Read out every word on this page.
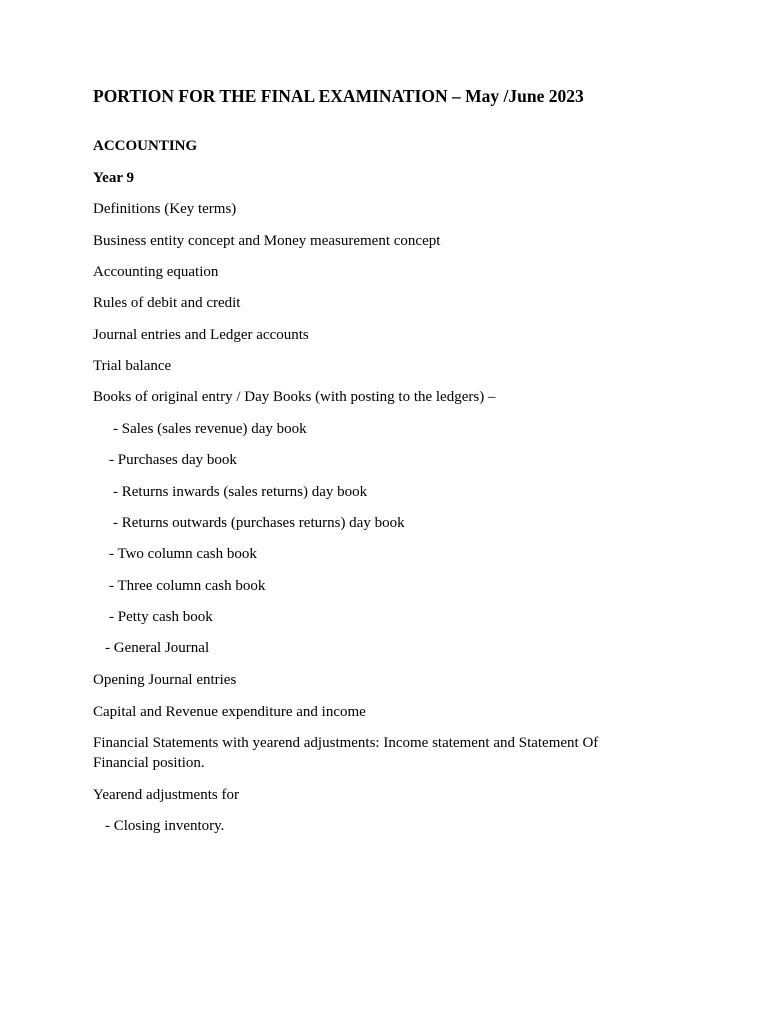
PORTION FOR THE FINAL EXAMINATION – May /June 2023
ACCOUNTING
Year 9
Definitions (Key terms)
Business entity concept and Money measurement concept
Accounting equation
Rules of debit and credit
Journal entries and Ledger accounts
Trial balance
Books of original entry / Day Books (with posting to the ledgers) –
- Sales (sales revenue) day book
- Purchases day book
- Returns inwards (sales returns) day book
- Returns outwards (purchases returns) day book
- Two column cash book
- Three column cash book
- Petty cash book
- General Journal
Opening Journal entries
Capital and Revenue expenditure and income
Financial Statements with yearend adjustments: Income statement and Statement Of Financial position.
Yearend adjustments for
- Closing inventory.
